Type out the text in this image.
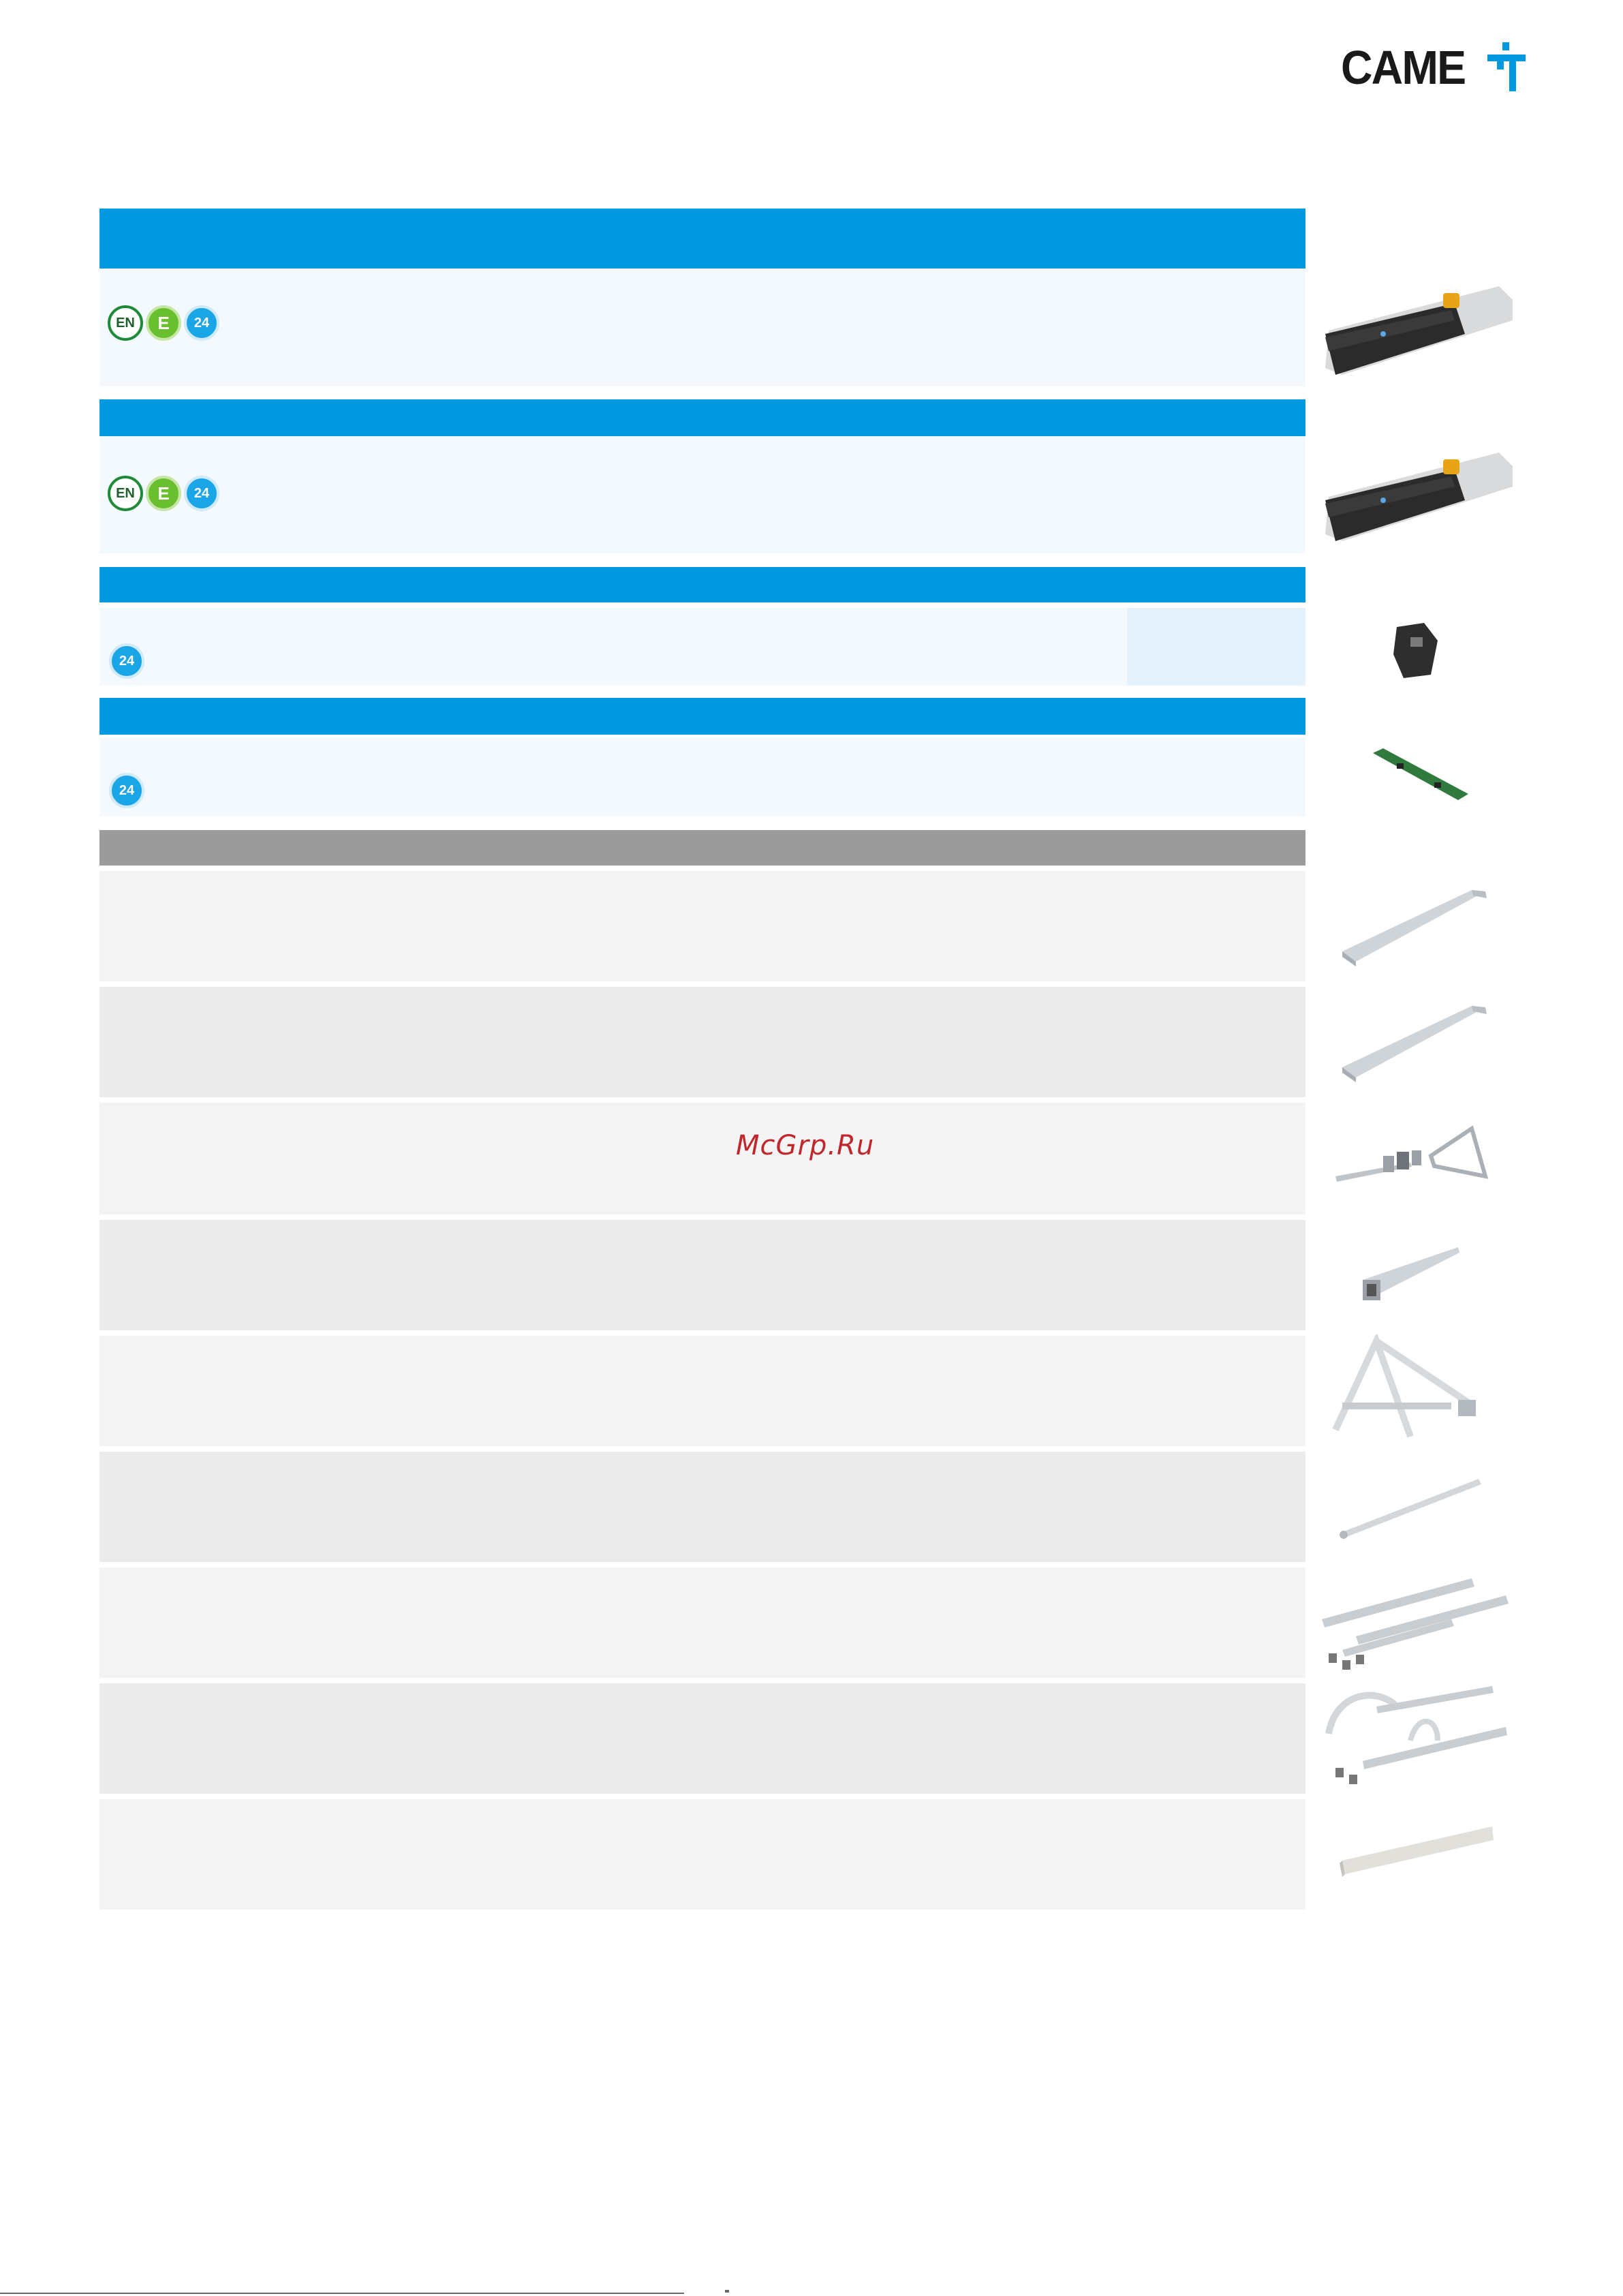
CAME
EN	E	24
EN	E	24
24
24
McGrp.Ru
